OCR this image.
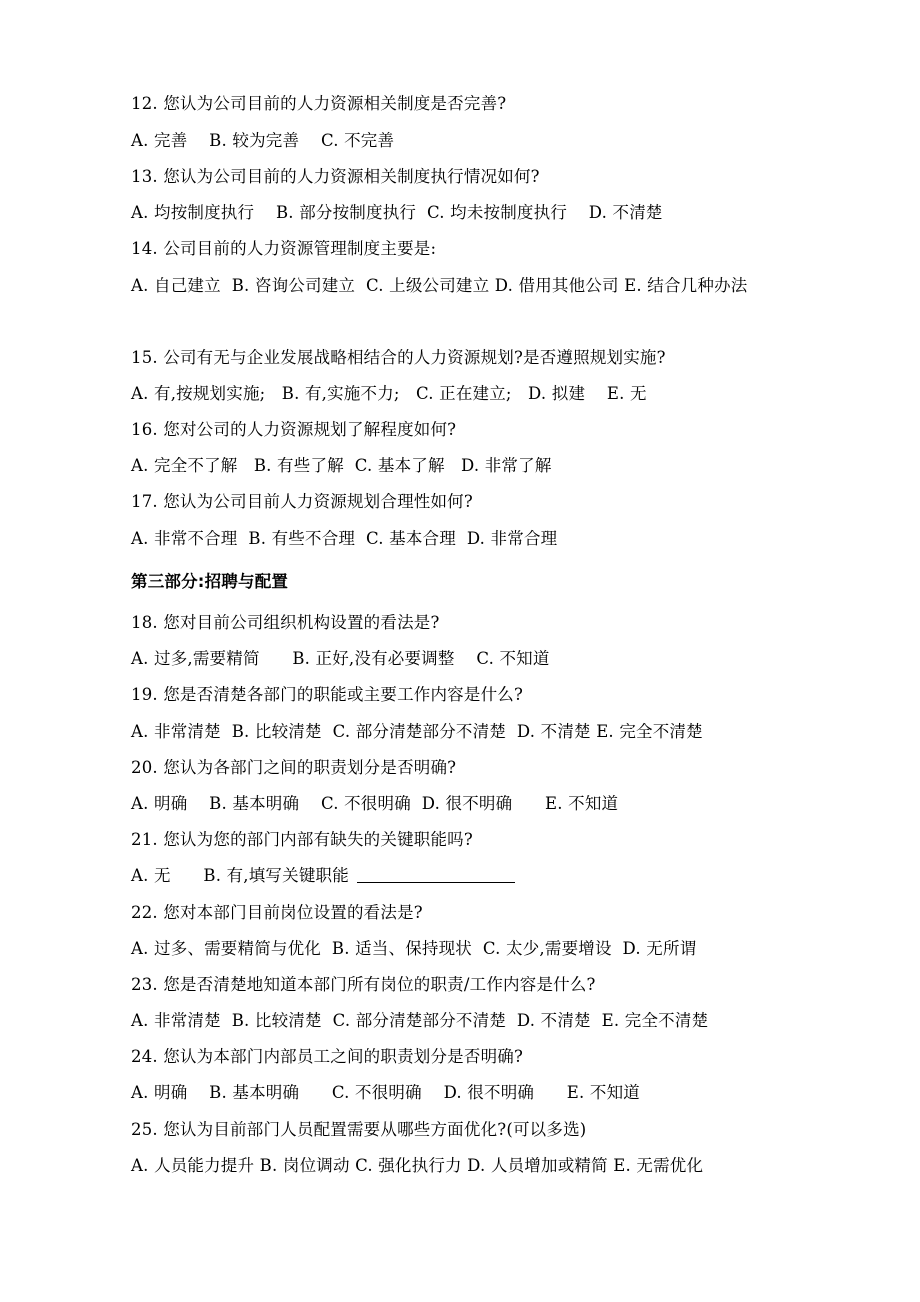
12. 您认为公司目前的人力资源相关制度是否完善?
A. 完善    B. 较为完善    C. 不完善
13. 您认为公司目前的人力资源相关制度执行情况如何?
A. 均按制度执行    B. 部分按制度执行  C. 均未按制度执行    D. 不清楚
14. 公司目前的人力资源管理制度主要是:
A. 自己建立  B. 咨询公司建立  C. 上级公司建立 D. 借用其他公司 E. 结合几种办法
15. 公司有无与企业发展战略相结合的人力资源规划?是否遵照规划实施?
A. 有,按规划实施;   B. 有,实施不力;   C. 正在建立;   D. 拟建    E. 无
16. 您对公司的人力资源规划了解程度如何?
A. 完全不了解   B. 有些了解  C. 基本了解   D. 非常了解
17. 您认为公司目前人力资源规划合理性如何?
A. 非常不合理  B. 有些不合理  C. 基本合理  D. 非常合理
第三部分:招聘与配置
18. 您对目前公司组织机构设置的看法是?
A. 过多,需要精简      B. 正好,没有必要调整    C. 不知道
19. 您是否清楚各部门的职能或主要工作内容是什么?
A. 非常清楚  B. 比较清楚  C. 部分清楚部分不清楚  D. 不清楚 E. 完全不清楚
20. 您认为各部门之间的职责划分是否明确?
A. 明确    B. 基本明确    C. 不很明确  D. 很不明确      E. 不知道
21. 您认为您的部门内部有缺失的关键职能吗?
A. 无      B. 有,填写关键职能
22. 您对本部门目前岗位设置的看法是?
A. 过多、需要精简与优化  B. 适当、保持现状  C. 太少,需要增设  D. 无所谓
23. 您是否清楚地知道本部门所有岗位的职责/工作内容是什么?
A. 非常清楚  B. 比较清楚  C. 部分清楚部分不清楚  D. 不清楚  E. 完全不清楚
24. 您认为本部门内部员工之间的职责划分是否明确?
A. 明确    B. 基本明确      C. 不很明确    D. 很不明确      E. 不知道
25. 您认为目前部门人员配置需要从哪些方面优化?(可以多选)
A. 人员能力提升 B. 岗位调动 C. 强化执行力 D. 人员增加或精简 E. 无需优化
